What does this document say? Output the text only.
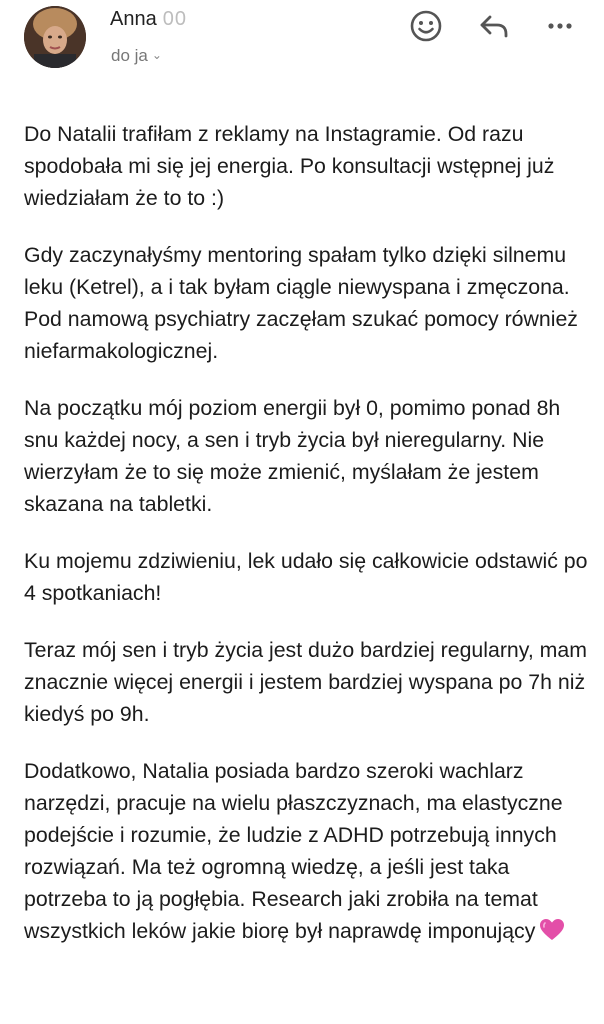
Anna 00
do ja ⌄

Do Natalii trafiłam z reklamy na Instagramie. Od razu spodobała mi się jej energia. Po konsultacji wstępnej już wiedziałam że to to :)

Gdy zaczynałyśmy mentoring spałam tylko dzięki silnemu leku (Ketrel), a i tak byłam ciągle niewyspana i zmęczona. Pod namową psychiatry zaczęłam szukać pomocy również niefarmakologicznej.

Na początku mój poziom energii był 0, pomimo ponad 8h snu każdej nocy, a sen i tryb życia był nieregularny. Nie wierzyłam że to się może zmienić, myślałam że jestem skazana na tabletki.

Ku mojemu zdziwieniu, lek udało się całkowicie odstawić po 4 spotkaniach!

Teraz mój sen i tryb życia jest dużo bardziej regularny, mam znacznie więcej energii i jestem bardziej wyspana po 7h niż kiedyś po 9h.

Dodatkowo, Natalia posiada bardzo szeroki wachlarz narzędzi, pracuje na wielu płaszczyznach, ma elastyczne podejście i rozumie, że ludzie z ADHD potrzebują innych rozwiązań. Ma też ogromną wiedzę, a jeśli jest taka potrzeba to ją pogłębia. Research jaki zrobiła na temat wszystkich leków jakie biorę był naprawdę imponujący
